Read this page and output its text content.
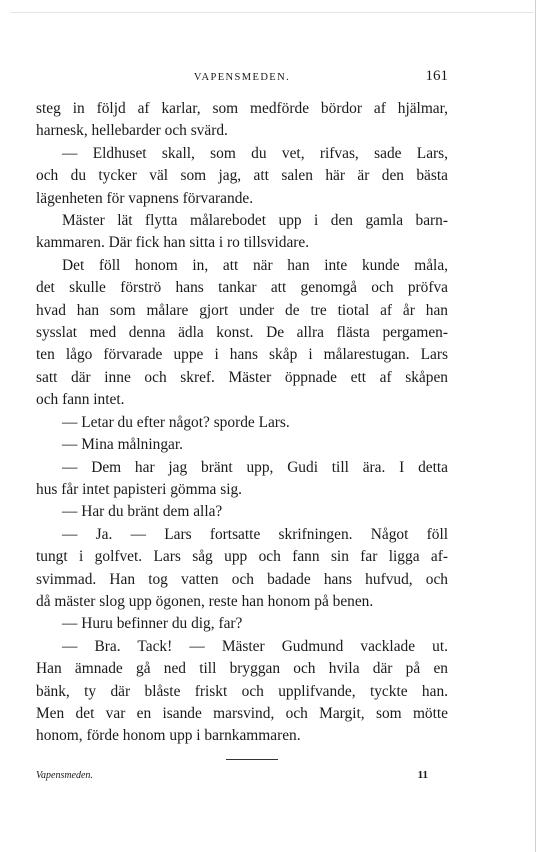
VAPENSMEDEN.	161
steg in följd af karlar, som medförde bördor af hjälmar,
harnesk, hellebarder och svärd.
— Eldhuset skall, som du vet, rifvas, sade Lars,
och du tycker väl som jag, att salen här är den bästa
lägenheten för vapnens förvarande.
Mäster lät flytta målarebodet upp i den gamla barn-
kammaren. Där fick han sitta i ro tillsvidare.
Det föll honom in, att när han inte kunde måla,
det skulle förströ hans tankar att genomgå och pröfva
hvad han som målare gjort under de tre tiotal af år han
sysslat med denna ädla konst. De allra flästa pergamen-
ten lågo förvarade uppe i hans skåp i målarestugan. Lars
satt där inne och skref. Mäster öppnade ett af skåpen
och fann intet.
— Letar du efter något? sporde Lars.
— Mina målningar.
— Dem har jag bränt upp, Gudi till ära. I detta
hus får intet papisteri gömma sig.
— Har du bränt dem alla?
— Ja. — Lars fortsatte skrifningen. Något föll
tungt i golfvet. Lars såg upp och fann sin far ligga af-
svimmad. Han tog vatten och badade hans hufvud, och
då mäster slog upp ögonen, reste han honom på benen.
— Huru befinner du dig, far?
— Bra. Tack! — Mäster Gudmund vacklade ut.
Han ämnade gå ned till bryggan och hvila där på en
bänk, ty där blåste friskt och upplifvande, tyckte han.
Men det var en isande marsvind, och Margit, som mötte
honom, förde honom upp i barnkammaren.
Vapensmeden.	11
